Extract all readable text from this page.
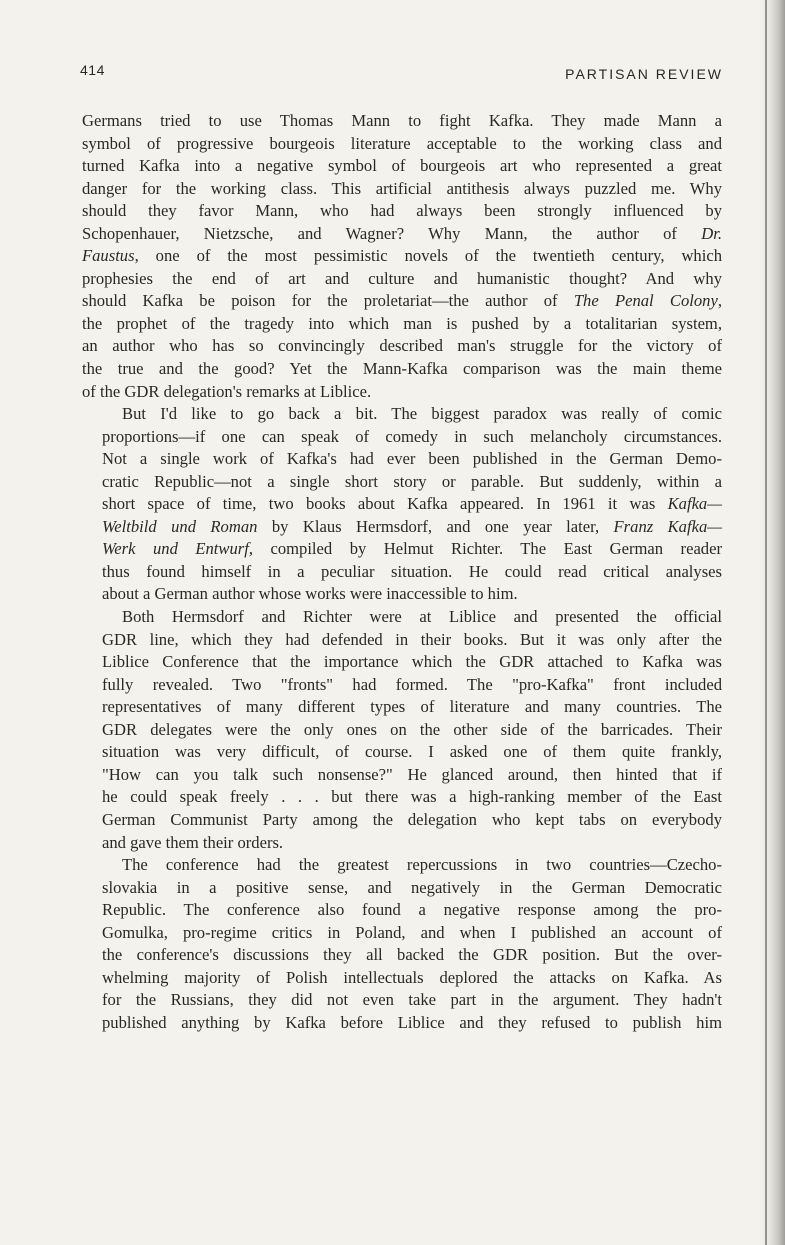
414	PARTISAN REVIEW

Germans tried to use Thomas Mann to fight Kafka. They made Mann a
symbol of progressive bourgeois literature acceptable to the working class and
turned Kafka into a negative symbol of bourgeois art who represented a great
danger for the working class. This artificial antithesis always puzzled me. Why
should they favor Mann, who had always been strongly influenced by
Schopenhauer, Nietzsche, and Wagner? Why Mann, the author of Dr.
Faustus, one of the most pessimistic novels of the twentieth century, which
prophesies the end of art and culture and humanistic thought? And why
should Kafka be poison for the proletariat—the author of The Penal Colony,
the prophet of the tragedy into which man is pushed by a totalitarian system,
an author who has so convincingly described man's struggle for the victory of
the true and the good? Yet the Mann-Kafka comparison was the main theme
of the GDR delegation's remarks at Liblice.

But I'd like to go back a bit. The biggest paradox was really of comic
proportions—if one can speak of comedy in such melancholy circumstances.
Not a single work of Kafka's had ever been published in the German Demo-
cratic Republic—not a single short story or parable. But suddenly, within a
short space of time, two books about Kafka appeared. In 1961 it was Kafka—
Weltbild und Roman by Klaus Hermsdorf, and one year later, Franz Kafka—
Werk und Entwurf, compiled by Helmut Richter. The East German reader
thus found himself in a peculiar situation. He could read critical analyses
about a German author whose works were inaccessible to him.

Both Hermsdorf and Richter were at Liblice and presented the official
GDR line, which they had defended in their books. But it was only after the
Liblice Conference that the importance which the GDR attached to Kafka was
fully revealed. Two "fronts" had formed. The "pro-Kafka" front included
representatives of many different types of literature and many countries. The
GDR delegates were the only ones on the other side of the barricades. Their
situation was very difficult, of course. I asked one of them quite frankly,
"How can you talk such nonsense?" He glanced around, then hinted that if
he could speak freely . . . but there was a high-ranking member of the East
German Communist Party among the delegation who kept tabs on everybody
and gave them their orders.

The conference had the greatest repercussions in two countries—Czecho-
slovakia in a positive sense, and negatively in the German Democratic
Republic. The conference also found a negative response among the pro-
Gomulka, pro-regime critics in Poland, and when I published an account of
the conference's discussions they all backed the GDR position. But the over-
whelming majority of Polish intellectuals deplored the attacks on Kafka. As
for the Russians, they did not even take part in the argument. They hadn't
published anything by Kafka before Liblice and they refused to publish him
